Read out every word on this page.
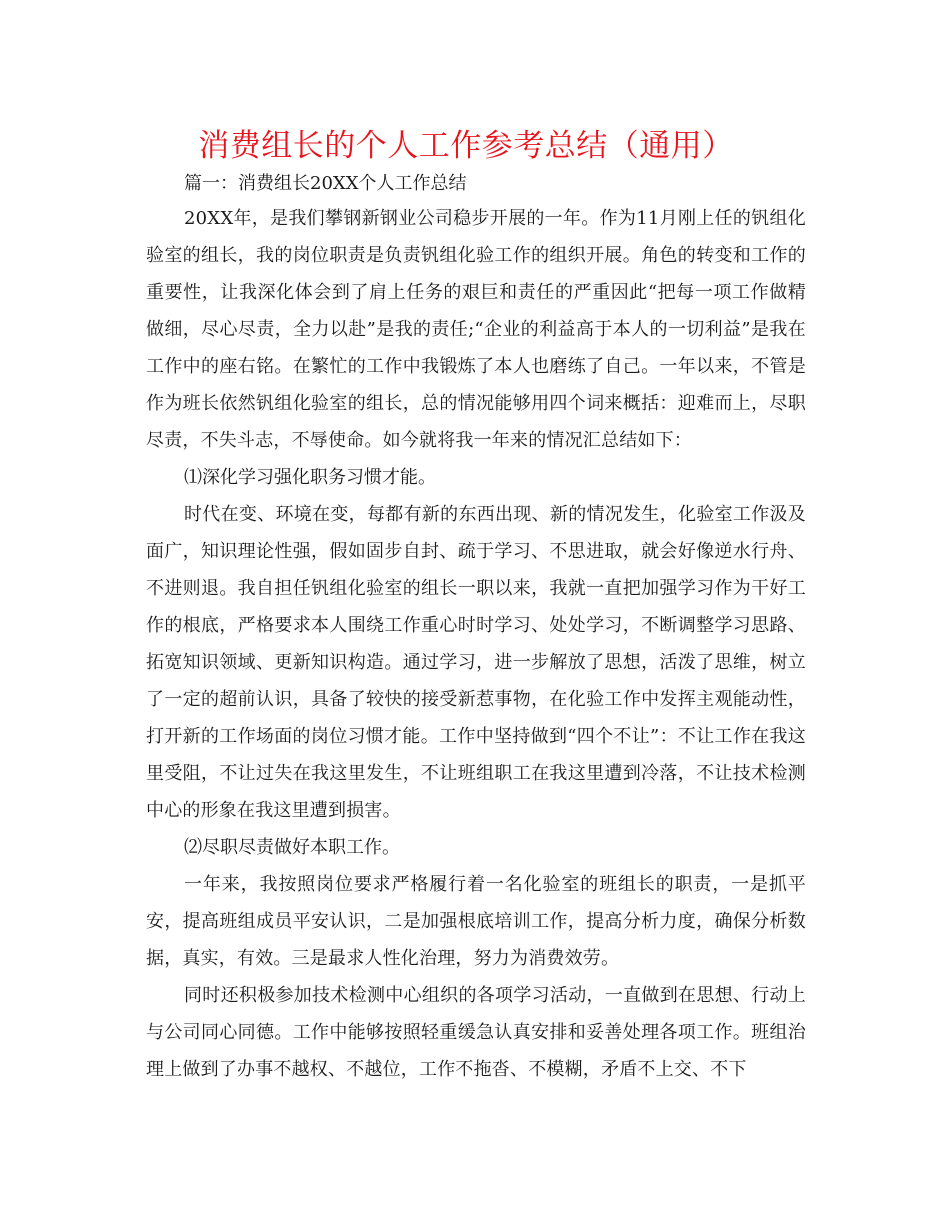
消费组长的个人工作参考总结（通用）

篇一：消费组长20XX个人工作总结

20XX年，是我们攀钢新钢业公司稳步开展的一年。作为11月刚上任的钒组化验室的组长，我的岗位职责是负责钒组化验工作的组织开展。角色的转变和工作的重要性，让我深化体会到了肩上任务的艰巨和责任的严重因此“把每一项工作做精做细，尽心尽责，全力以赴”是我的责任;“企业的利益高于本人的一切利益”是我在工作中的座右铭。在繁忙的工作中我锻炼了本人也磨练了自己。一年以来，不管是作为班长依然钒组化验室的组长，总的情况能够用四个词来概括：迎难而上，尽职尽责，不失斗志，不辱使命。如今就将我一年来的情况汇总结如下：

⑴深化学习强化职务习惯才能。

时代在变、环境在变，每都有新的东西出现、新的情况发生，化验室工作汲及面广，知识理论性强，假如固步自封、疏于学习、不思进取，就会好像逆水行舟、不进则退。我自担任钒组化验室的组长一职以来，我就一直把加强学习作为干好工作的根底，严格要求本人围绕工作重心时时学习、处处学习，不断调整学习思路、拓宽知识领域、更新知识构造。通过学习，进一步解放了思想，活泼了思维，树立了一定的超前认识，具备了较快的接受新惹事物，在化验工作中发挥主观能动性，打开新的工作场面的岗位习惯才能。工作中坚持做到“四个不让”：不让工作在我这里受阻，不让过失在我这里发生，不让班组职工在我这里遭到冷落，不让技术检测中心的形象在我这里遭到损害。

⑵尽职尽责做好本职工作。

一年来，我按照岗位要求严格履行着一名化验室的班组长的职责，一是抓平安，提高班组成员平安认识，二是加强根底培训工作，提高分析力度，确保分析数据，真实，有效。三是最求人性化治理，努力为消费效劳。

同时还积极参加技术检测中心组织的各项学习活动，一直做到在思想、行动上与公司同心同德。工作中能够按照轻重缓急认真安排和妥善处理各项工作。班组治理上做到了办事不越权、不越位，工作不拖沓、不模糊，矛盾不上交、不下
